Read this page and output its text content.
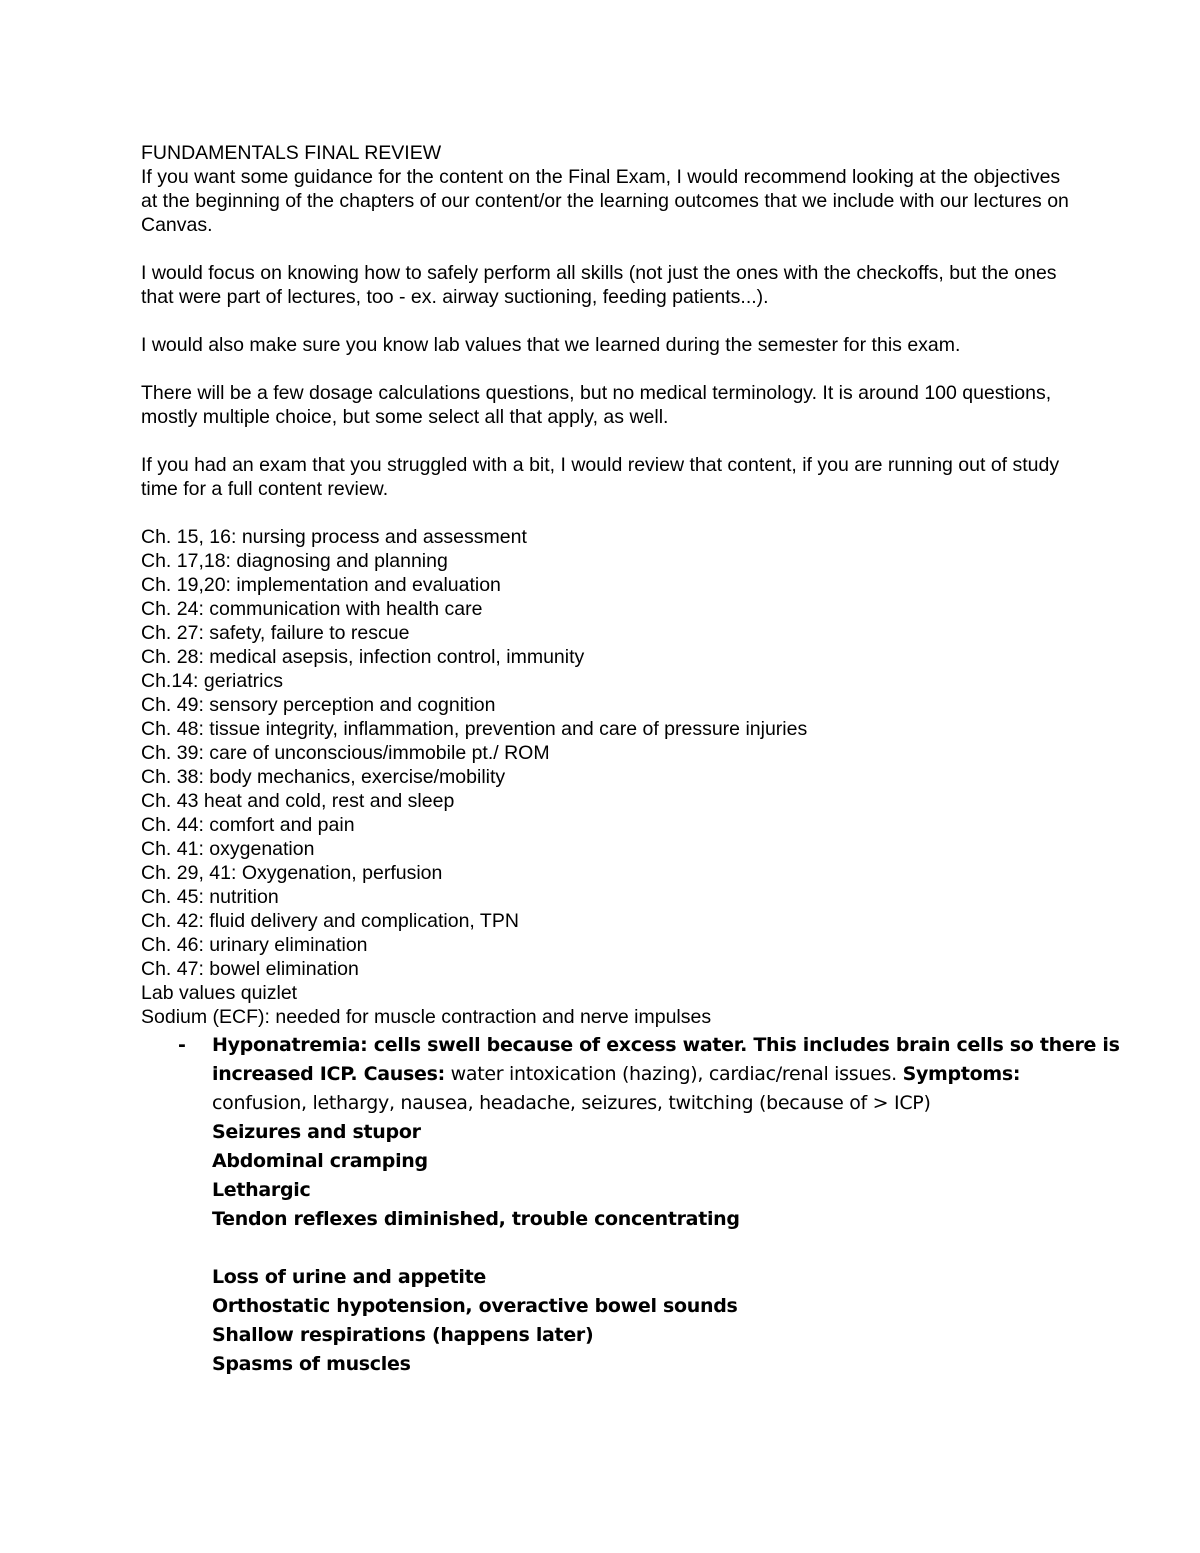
FUNDAMENTALS FINAL REVIEW

If you want some guidance for the content on the Final Exam, I would recommend looking at the objectives at the beginning of the chapters of our content/or the learning outcomes that we include with our lectures on Canvas.

I would focus on knowing how to safely perform all skills (not just the ones with the checkoffs, but the ones that were part of lectures, too - ex. airway suctioning, feeding patients...).

I would also make sure you know lab values that we learned during the semester for this exam.

There will be a few dosage calculations questions, but no medical terminology. It is around 100 questions, mostly multiple choice, but some select all that apply, as well.

If you had an exam that you struggled with a bit, I would review that content, if you are running out of study time for a full content review.

Ch. 15, 16: nursing process and assessment

Ch. 17,18: diagnosing and planning

Ch. 19,20: implementation and evaluation

Ch. 24: communication with health care

Ch. 27: safety, failure to rescue

Ch. 28: medical asepsis, infection control, immunity

Ch.14: geriatrics

Ch. 49: sensory perception and cognition

Ch. 48: tissue integrity, inflammation, prevention and care of pressure injuries

Ch. 39: care of unconscious/immobile pt./ ROM

Ch. 38: body mechanics, exercise/mobility

Ch. 43 heat and cold, rest and sleep

Ch. 44: comfort and pain

Ch. 41: oxygenation

Ch. 29, 41: Oxygenation, perfusion

Ch. 45: nutrition

Ch. 42: fluid delivery and complication, TPN

Ch. 46: urinary elimination

Ch. 47: bowel elimination

Lab values quizlet

Sodium (ECF): needed for muscle contraction and nerve impulses

- Hyponatremia: cells swell because of excess water. This includes brain cells so there is

increased ICP. Causes: water intoxication (hazing), cardiac/renal issues. Symptoms:

confusion, lethargy, nausea, headache, seizures, twitching (because of > ICP)

Seizures and stupor

Abdominal cramping

Lethargic

Tendon reflexes diminished, trouble concentrating

Loss of urine and appetite

Orthostatic hypotension, overactive bowel sounds

Shallow respirations (happens later)

Spasms of muscles
